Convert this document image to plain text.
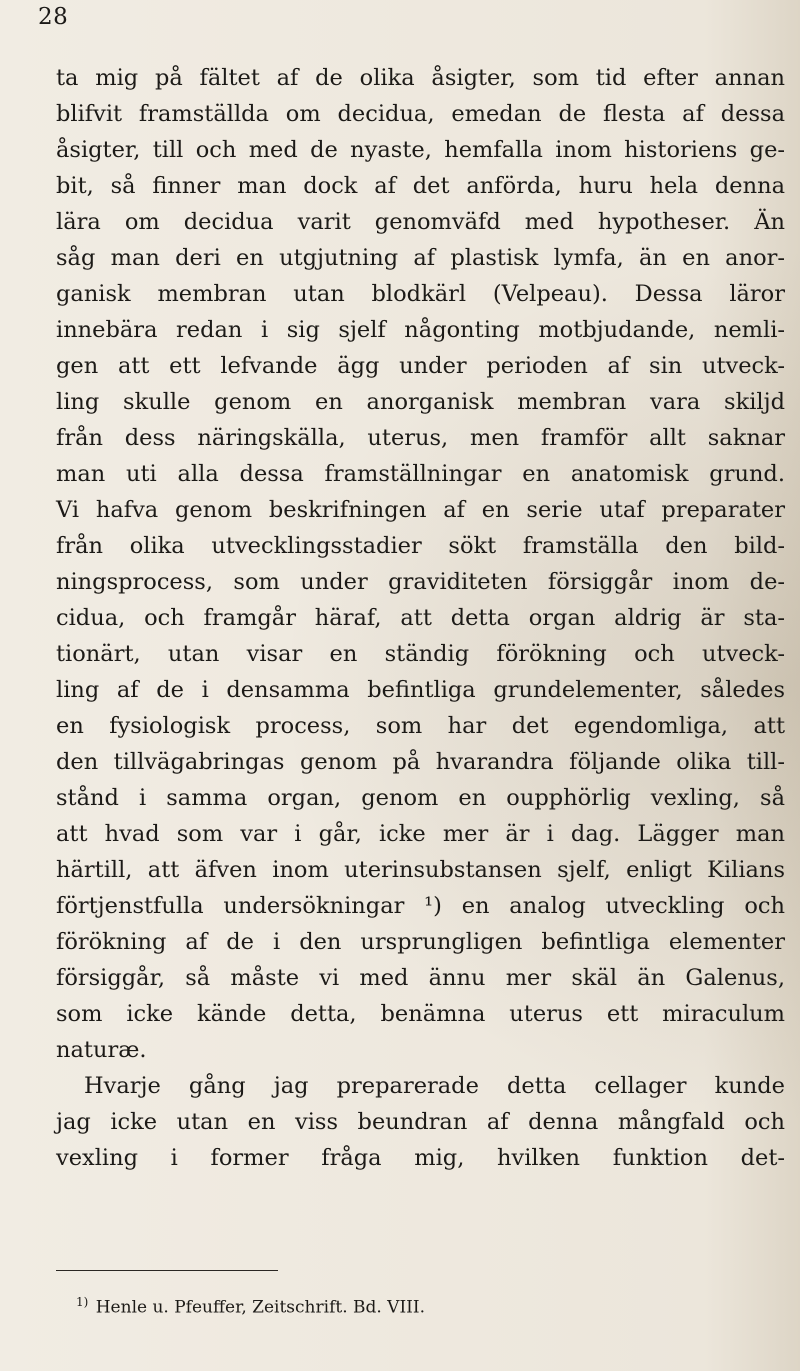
28
ta mig på fältet af de olika åsigter, som tid efter annan
blifvit framställda om decidua, emedan de flesta af dessa
åsigter, till och med de nyaste, hemfalla inom historiens ge-
bit, så finner man dock af det anförda, huru hela denna
lära om decidua varit genomväfd med hypotheser. Än
såg man deri en utgjutning af plastisk lymfa, än en anor-
ganisk membran utan blodkärl (Velpeau). Dessa läror
innebära redan i sig sjelf någonting motbjudande, nemli-
gen att ett lefvande ägg under perioden af sin utveck-
ling skulle genom en anorganisk membran vara skiljd
från dess näringskälla, uterus, men framför allt saknar
man uti alla dessa framställningar en anatomisk grund.
Vi hafva genom beskrifningen af en serie utaf preparater
från olika utvecklingsstadier sökt framställa den bild-
ningsprocess, som under graviditeten försiggår inom de-
cidua, och framgår häraf, att detta organ aldrig är sta-
tionärt, utan visar en ständig förökning och utveck-
ling af de i densamma befintliga grundelementer, således
en fysiologisk process, som har det egendomliga, att
den tillvägabringas genom på hvarandra följande olika till-
stånd i samma organ, genom en oupphörlig vexling, så
att hvad som var i går, icke mer är i dag. Lägger man
härtill, att äfven inom uterinsubstansen sjelf, enligt Kilians
förtjenstfulla undersökningar ¹) en analog utveckling och
förökning af de i den ursprungligen befintliga elementer
försiggår, så måste vi med ännu mer skäl än Galenus,
som icke kände detta, benämna uterus ett miraculum
naturæ.
Hvarje gång jag preparerade detta cellager kunde
jag icke utan en viss beundran af denna mångfald och
vexling i former fråga mig, hvilken funktion det-
$^{1)}$ Henle u. Pfeuffer, Zeitschrift. Bd. VIII.
